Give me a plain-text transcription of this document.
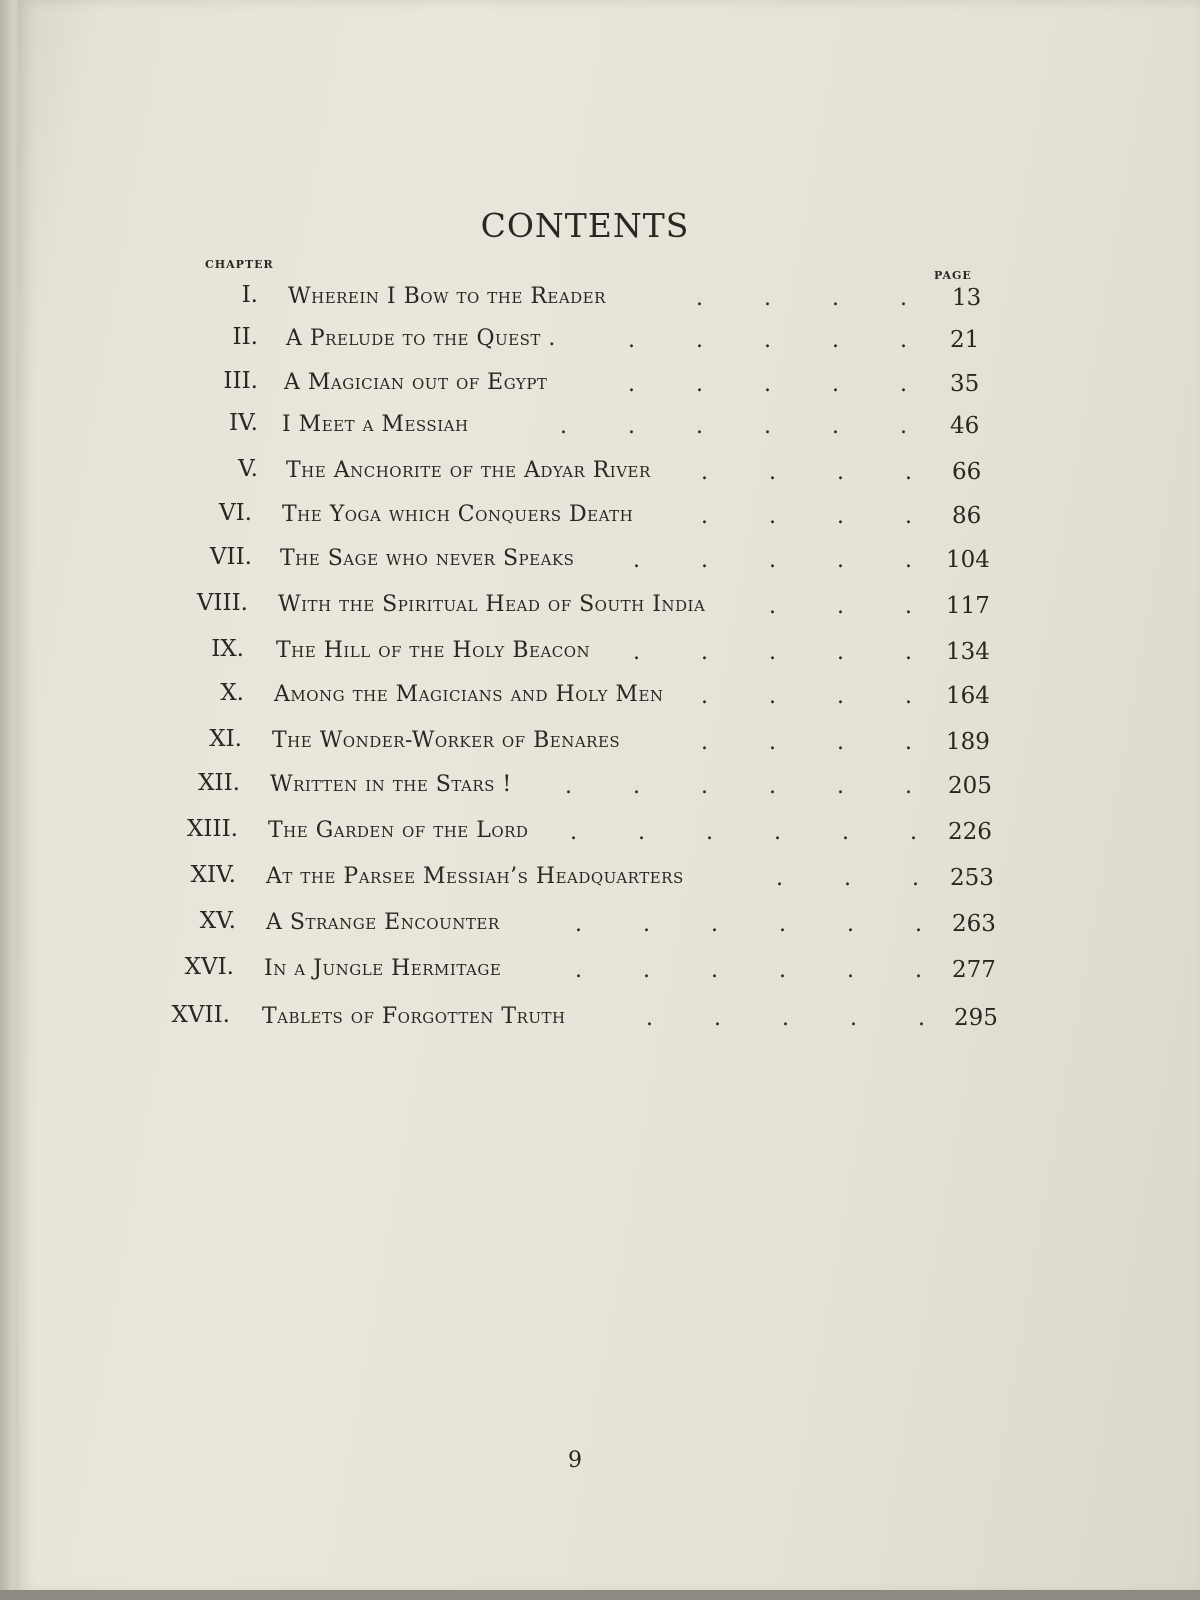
CONTENTS
CHAPTER
PAGE
I. Wherein I Bow to the Reader	13
.
.
.
.
II. A Prelude to the Quest .	21
.
.
.
.
.
III. A Magician out of Egypt	35
.
.
.
.
.
IV. I Meet a Messiah	46
.
.
.
.
.
.
V. The Anchorite of the Adyar River	66
.
.
.
.
VI. The Yoga which Conquers Death	86
.
.
.
.
VII. The Sage who never Speaks	104
.
.
.
.
.
VIII. With the Spiritual Head of South India	117
.
.
.
IX. The Hill of the Holy Beacon	134
.
.
.
.
.
X. Among the Magicians and Holy Men	164
.
.
.
.
XI. The Wonder-Worker of Benares	189
.
.
.
.
XII. Written in the Stars !	205
.
.
.
.
.
.
XIII. The Garden of the Lord	226
.
.
.
.
.
.
XIV. At the Parsee Messiah’s Headquarters	253
.
.
.
XV. A Strange Encounter	263
.
.
.
.
.
.
XVI. In a Jungle Hermitage	277
.
.
.
.
.
.
XVII. Tablets of Forgotten Truth	295
.
.
.
.
.
9
